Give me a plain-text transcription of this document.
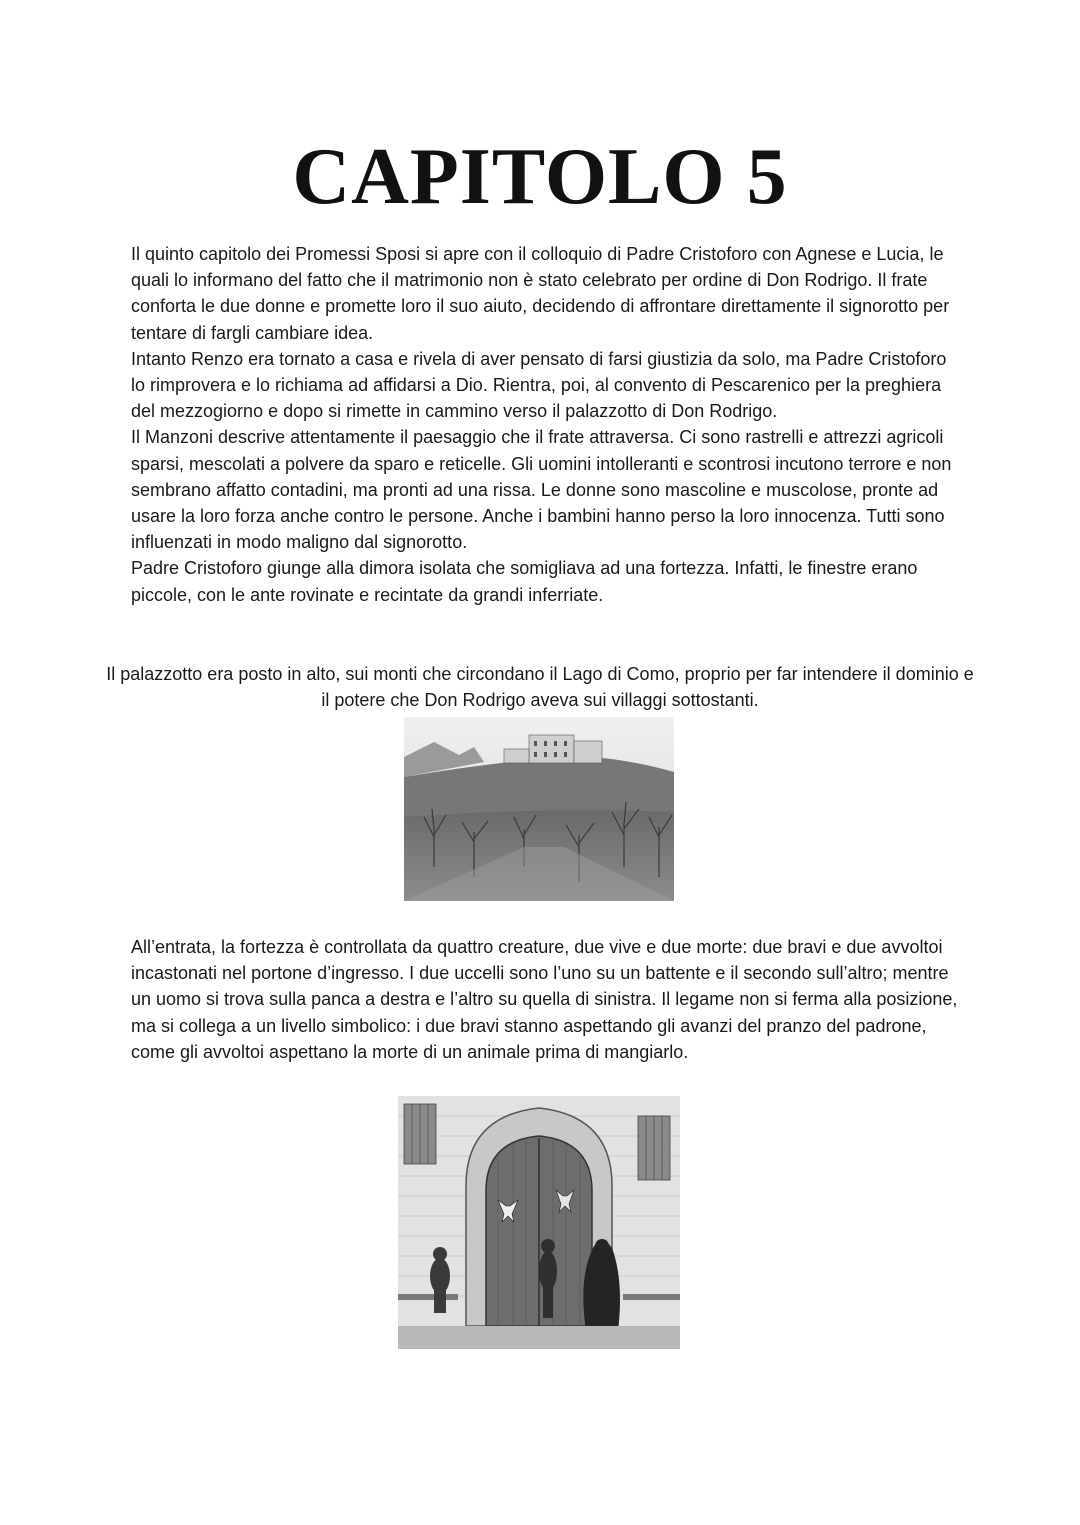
CAPITOLO 5

Il quinto capitolo dei Promessi Sposi si apre con il colloquio di Padre Cristoforo con Agnese e Lucia, le quali lo informano del fatto che il matrimonio non è stato celebrato per ordine di Don Rodrigo. Il frate conforta le due donne e promette loro il suo aiuto, decidendo di affrontare direttamente il signorotto per tentare di fargli cambiare idea.

Intanto Renzo era tornato a casa e rivela di aver pensato di farsi giustizia da solo, ma Padre Cristoforo lo rimprovera e lo richiama ad affidarsi a Dio. Rientra, poi, al convento di Pescarenico per la preghiera del mezzogiorno e dopo si rimette in cammino verso il palazzotto di Don Rodrigo.

Il Manzoni descrive attentamente il paesaggio che il frate attraversa. Ci sono rastrelli e attrezzi agricoli sparsi, mescolati a polvere da sparo e reticelle. Gli uomini intolleranti e scontrosi incutono terrore e non sembrano affatto contadini, ma pronti ad una rissa. Le donne sono mascoline e muscolose, pronte ad usare la loro forza anche contro le persone. Anche i bambini hanno perso la loro innocenza. Tutti sono influenzati in modo maligno dal signorotto.

Padre Cristoforo giunge alla dimora isolata che somigliava ad una fortezza. Infatti, le finestre erano piccole, con le ante rovinate e recintate da grandi inferriate.

Il palazzotto era posto in alto, sui monti che circondano il Lago di Como, proprio per far intendere il dominio e il potere che Don Rodrigo aveva sui villaggi sottostanti.

All’entrata, la fortezza è controllata da quattro creature, due vive e due morte: due bravi e due avvoltoi incastonati nel portone d’ingresso. I due uccelli sono l’uno su un battente e il secondo sull’altro; mentre un uomo si trova sulla panca a destra e l’altro su quella di sinistra. Il legame non si ferma alla posizione, ma si collega a un livello simbolico: i due bravi stanno aspettando gli avanzi del pranzo del padrone, come gli avvoltoi aspettano la morte di un animale prima di mangiarlo.
